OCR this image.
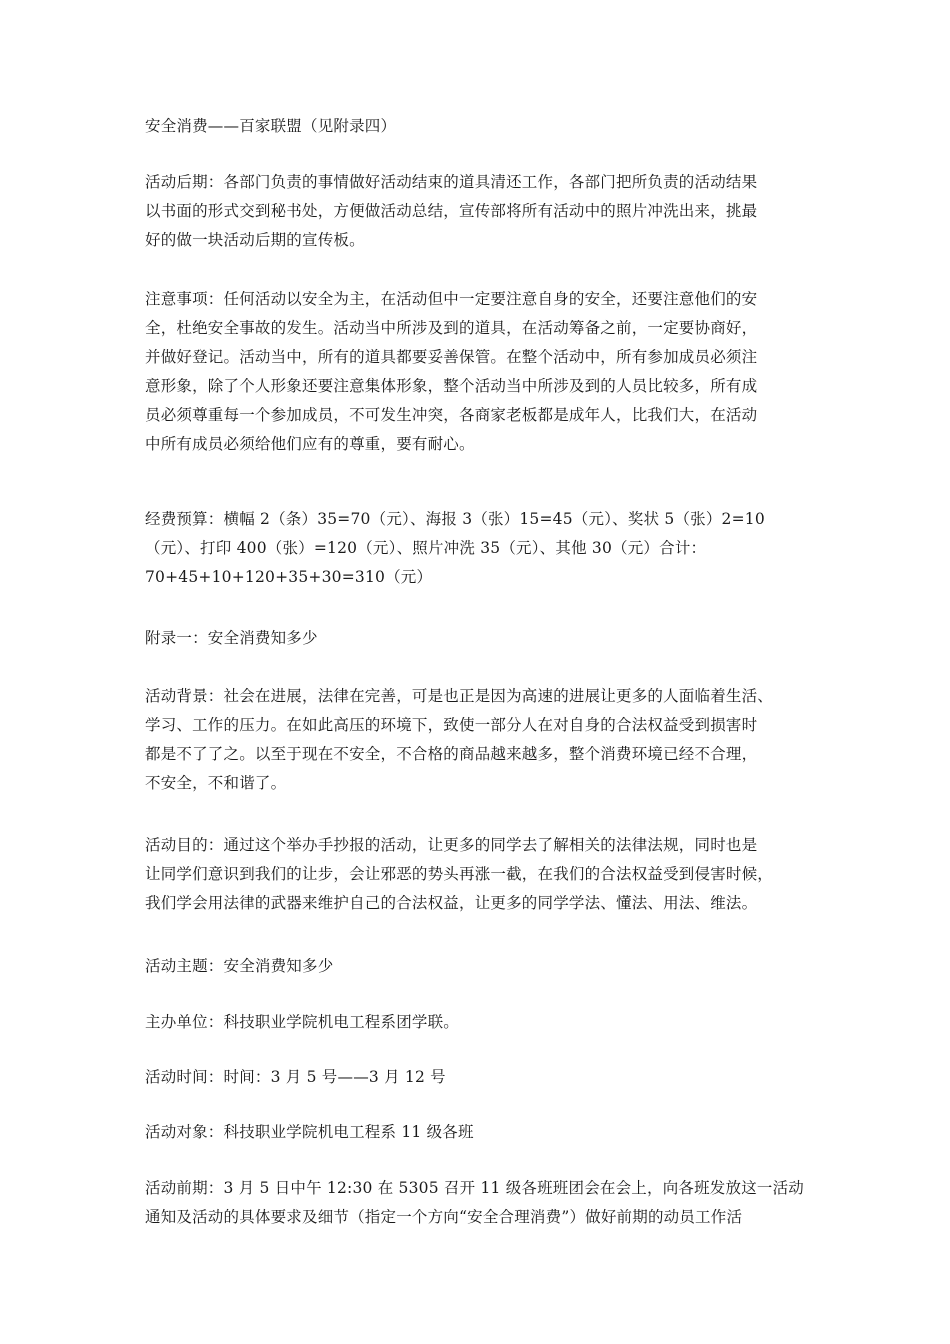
安全消费——百家联盟（见附录四）
活动后期：各部门负责的事情做好活动结束的道具清还工作，各部门把所负责的活动结果
以书面的形式交到秘书处，方便做活动总结，宣传部将所有活动中的照片冲洗出来，挑最
好的做一块活动后期的宣传板。
注意事项：任何活动以安全为主，在活动但中一定要注意自身的安全，还要注意他们的安
全，杜绝安全事故的发生。活动当中所涉及到的道具，在活动筹备之前，一定要协商好，
并做好登记。活动当中，所有的道具都要妥善保管。在整个活动中，所有参加成员必须注
意形象，除了个人形象还要注意集体形象，整个活动当中所涉及到的人员比较多，所有成
员必须尊重每一个参加成员，不可发生冲突，各商家老板都是成年人，比我们大，在活动
中所有成员必须给他们应有的尊重，要有耐心。
经费预算：横幅 2（条）35=70（元）、海报 3（张）15=45（元）、奖状 5（张）2=10
（元）、打印 400（张）=120（元）、照片冲洗 35（元）、其他 30（元）合计：
70+45+10+120+35+30=310（元）
附录一：安全消费知多少
活动背景：社会在进展，法律在完善，可是也正是因为高速的进展让更多的人面临着生活、
学习、工作的压力。在如此高压的环境下，致使一部分人在对自身的合法权益受到损害时
都是不了了之。以至于现在不安全，不合格的商品越来越多，整个消费环境已经不合理，
不安全，不和谐了。
活动目的：通过这个举办手抄报的活动，让更多的同学去了解相关的法律法规，同时也是
让同学们意识到我们的让步，会让邪恶的势头再涨一截，在我们的合法权益受到侵害时候，
我们学会用法律的武器来维护自己的合法权益，让更多的同学学法、懂法、用法、维法。
活动主题：安全消费知多少
主办单位：科技职业学院机电工程系团学联。
活动时间：时间：3 月 5 号——3 月 12 号
活动对象：科技职业学院机电工程系 11 级各班
活动前期：3 月 5 日中午 12:30 在 5305 召开 11 级各班班团会在会上，向各班发放这一活动
通知及活动的具体要求及细节（指定一个方向“安全合理消费”）做好前期的动员工作活
